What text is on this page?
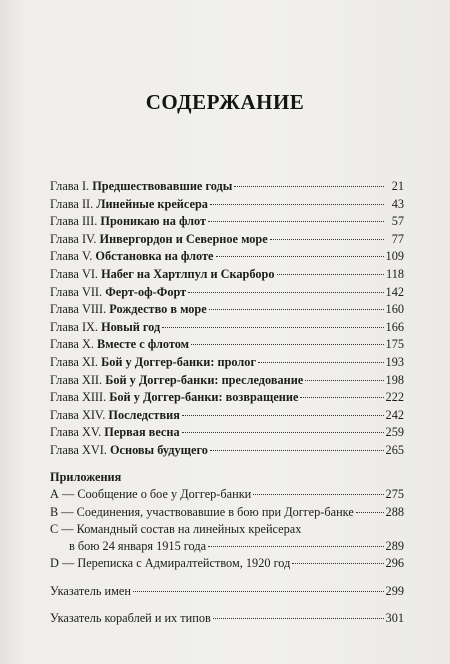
СОДЕРЖАНИЕ
Глава I. Предшествовавшие годы	21
Глава II. Линейные крейсера	43
Глава III. Проникаю на флот	57
Глава IV. Инвергордон и Северное море	77
Глава V. Обстановка на флоте	109
Глава VI. Набег на Хартлпул и Скарборо	118
Глава VII. Ферт-оф-Форт	142
Глава VIII. Рождество в море	160
Глава IX. Новый год	166
Глава X. Вместе с флотом	175
Глава XI. Бой у Доггер-банки: пролог	193
Глава XII. Бой у Доггер-банки: преследование	198
Глава XIII. Бой у Доггер-банки: возвращение	222
Глава XIV. Последствия	242
Глава XV. Первая весна	259
Глава XVI. Основы будущего	265
Приложения
А — Сообщение о бое у Доггер-банки	275
В — Соединения, участвовавшие в бою при Доггер-банке	288
С — Командный состав на линейных крейсерах
в бою 24 января 1915 года	289
D — Переписка с Адмиралтейством, 1920 год	296
Указатель имен	299
Указатель кораблей и их типов	301
